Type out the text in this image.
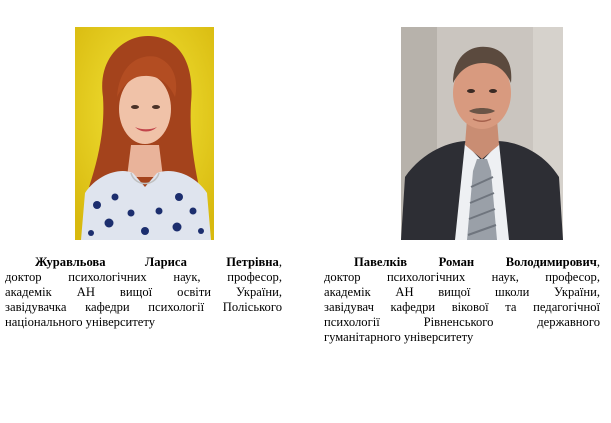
Журавльова Лариса Петрівна,
доктор психологічних наук, професор,
академік АН вищої освіти України,
завідувачка кафедри психології Поліського
національного університету
Павелків Роман Володимирович,
доктор психологічних наук, професор,
академік АН вищої школи України,
завідувач кафедри вікової та педагогічної
психології Рівненського державного
гуманітарного університету
